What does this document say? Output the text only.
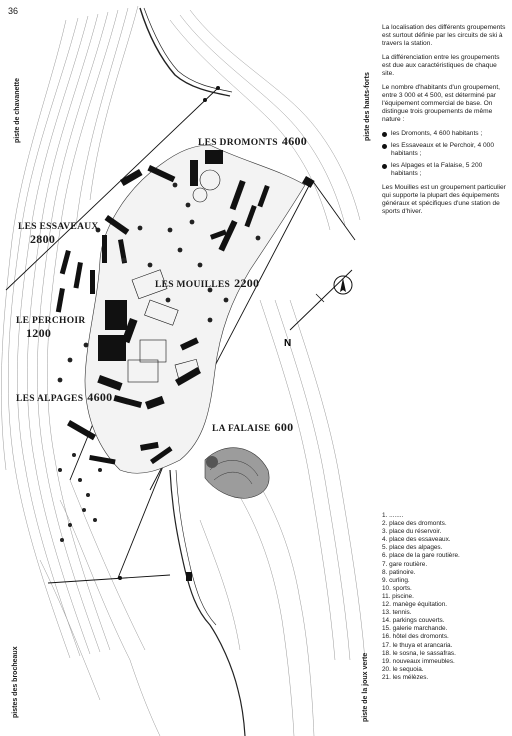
36
N
piste de chavanette	piste des hauts-forts
pistes des brocheaux	piste de la joux verte
LES DROMONTS 4600
LES ESSAVEAUX
2800
LES MOUILLES 2200
LE PERCHOIR
1200
LES ALPAGES 4600
LA FALAISE 600

La localisation des différents groupements est surtout définie par les circuits de ski à travers la station.

La différenciation entre les groupements est due aux caractéristiques de chaque site.

Le nombre d'habitants d'un groupement, entre 3 000 et 4 500, est déterminé par l'équipement commercial de base. On distingue trois groupements de même nature :

les Dromonts, 4 600 habitants ;
les Essaveaux et le Perchoir, 4 000 habitants ;
les Alpages et la Falaise, 5 200 habitants ;

Les Mouilles est un groupement particulier qui supporte la plupart des équipements généraux et spécifiques d'une station de sports d'hiver.

1. ........
2. place des dromonts.
3. place du réservoir.
4. place des essaveaux.
5. place des alpages.
6. place de la gare routière.
7. gare routière.
8. patinoire.
9. curling.
10. sports.
11. piscine.
12. manège équitation.
13. tennis.
14. parkings couverts.
15. galerie marchande.
16. hôtel des dromonts.
17. le thuya et arancaria.
18. le sosna, le sassafras.
19. nouveaux immeubles.
20. le sequoia.
21. les mélèzes.
